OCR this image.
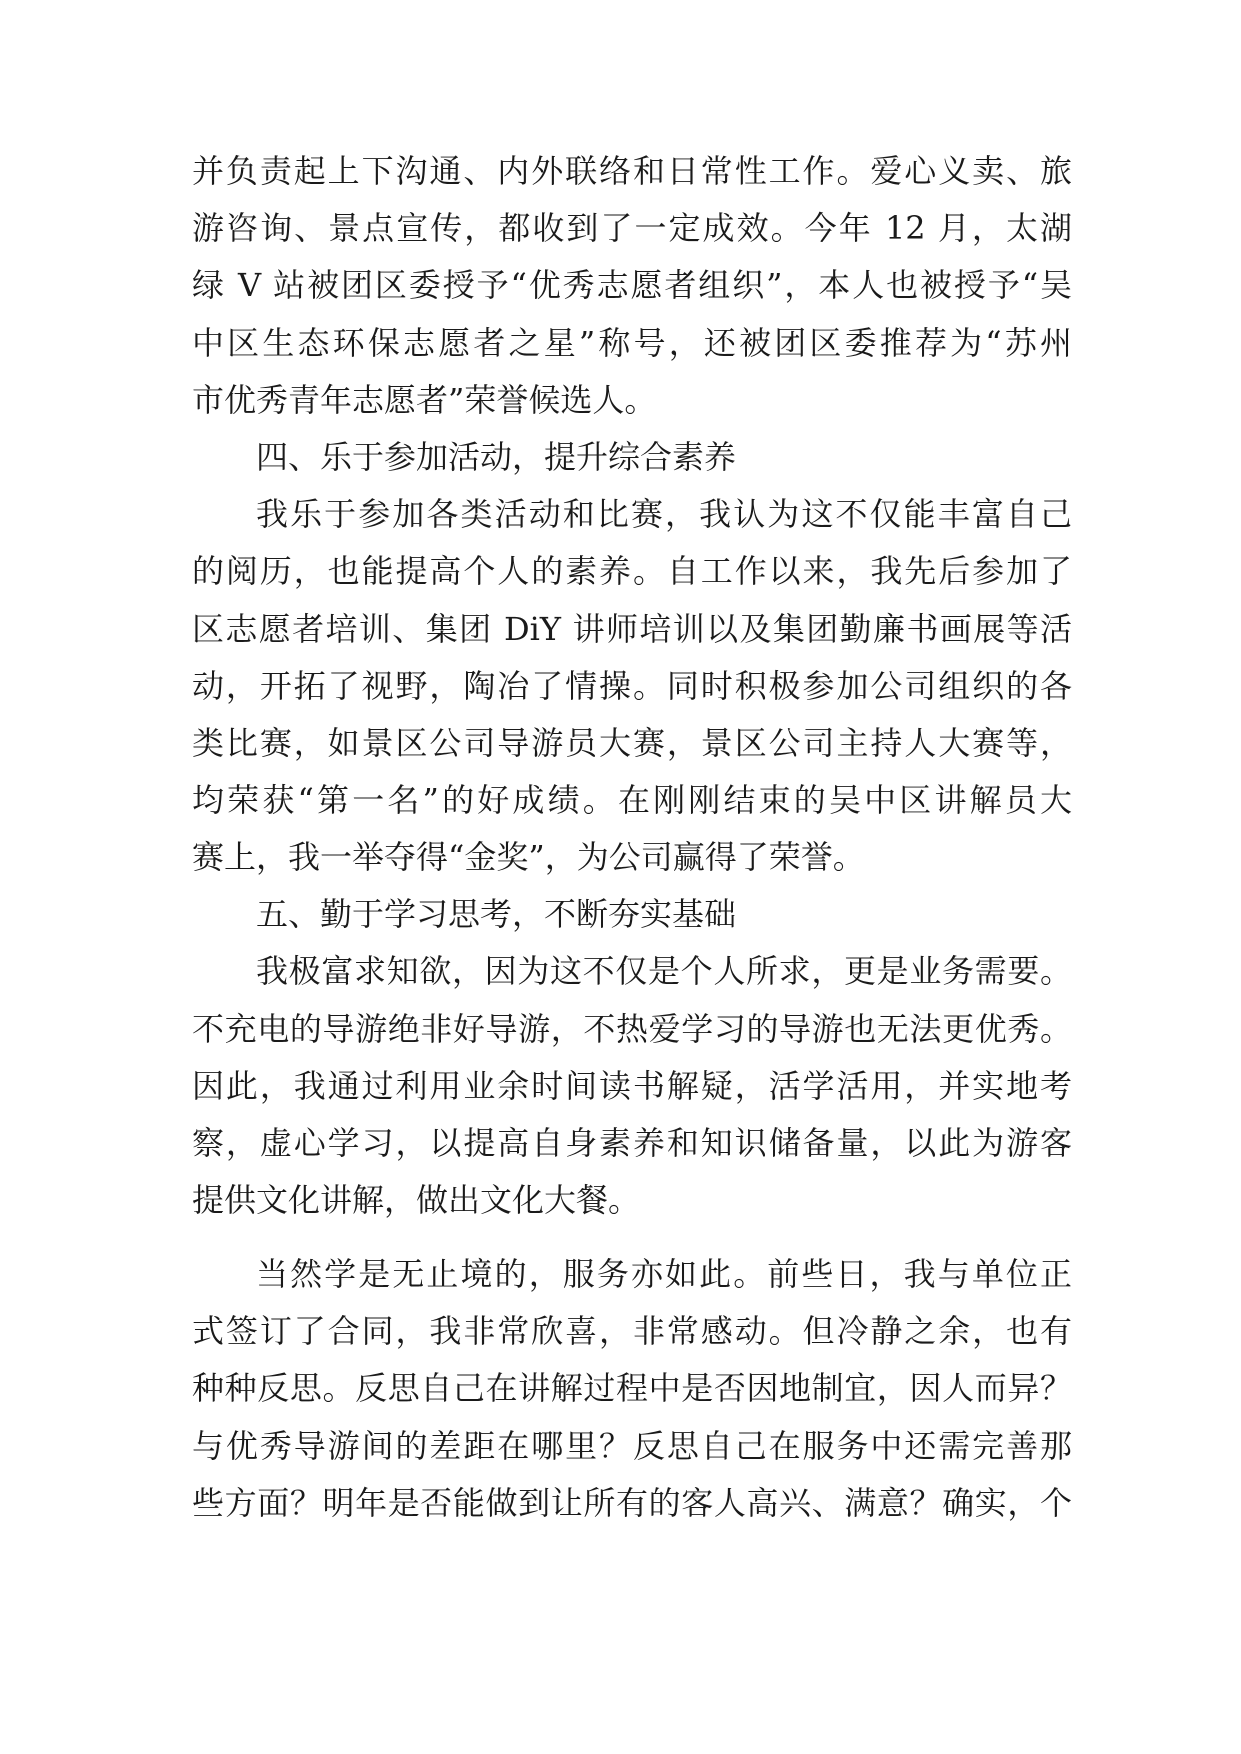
并负责起上下沟通、内外联络和日常性工作。爱心义卖、旅
游咨询、景点宣传，都收到了一定成效。今年 12 月，太湖
绿 V 站被团区委授予“优秀志愿者组织”，本人也被授予“吴
中区生态环保志愿者之星”称号，还被团区委推荐为“苏州
市优秀青年志愿者”荣誉候选人。
四、乐于参加活动，提升综合素养
我乐于参加各类活动和比赛，我认为这不仅能丰富自己
的阅历，也能提高个人的素养。自工作以来，我先后参加了
区志愿者培训、集团 DiY 讲师培训以及集团勤廉书画展等活
动，开拓了视野，陶冶了情操。同时积极参加公司组织的各
类比赛，如景区公司导游员大赛，景区公司主持人大赛等，
均荣获“第一名”的好成绩。在刚刚结束的吴中区讲解员大
赛上，我一举夺得“金奖”，为公司赢得了荣誉。
五、勤于学习思考，不断夯实基础
我极富求知欲，因为这不仅是个人所求，更是业务需要。
不充电的导游绝非好导游，不热爱学习的导游也无法更优秀。
因此，我通过利用业余时间读书解疑，活学活用，并实地考
察，虚心学习，以提高自身素养和知识储备量，以此为游客
提供文化讲解，做出文化大餐。
当然学是无止境的，服务亦如此。前些日，我与单位正
式签订了合同，我非常欣喜，非常感动。但冷静之余，也有
种种反思。反思自己在讲解过程中是否因地制宜，因人而异？
与优秀导游间的差距在哪里？反思自己在服务中还需完善那
些方面？明年是否能做到让所有的客人高兴、满意？确实，个
